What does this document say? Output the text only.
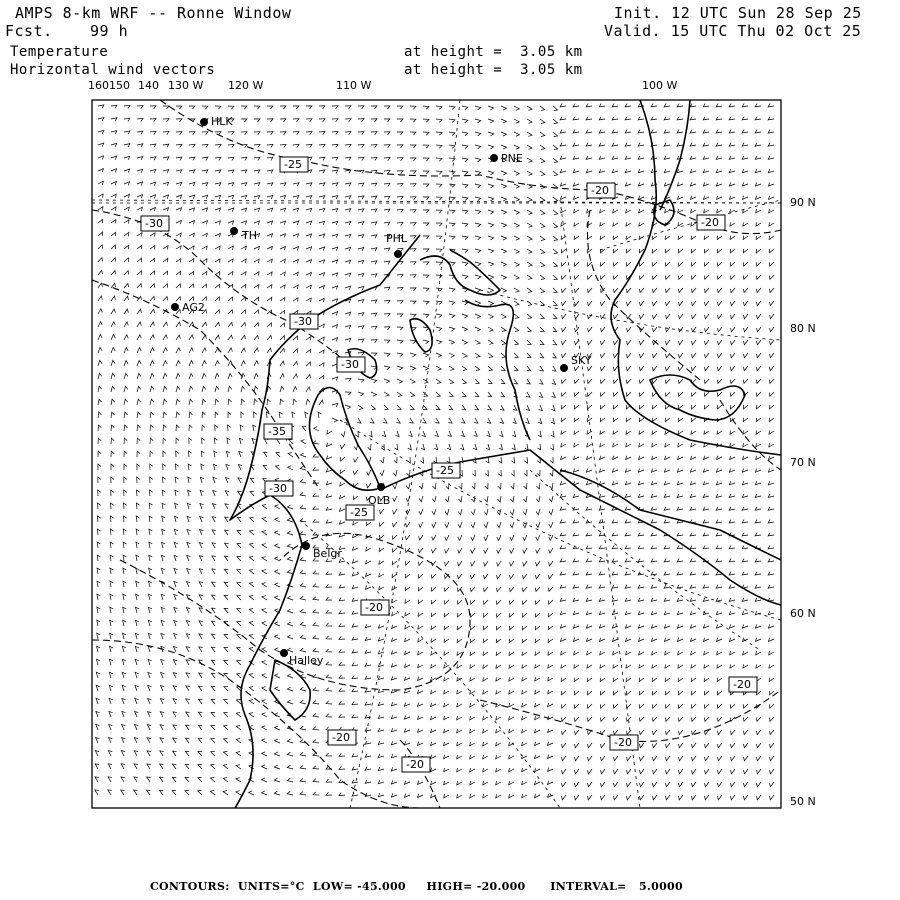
AMPS 8-km WRF -- Ronne Window
Fcst. 99 h
Init. 12 UTC Sun 28 Sep 25
Valid. 15 UTC Thu 02 Oct 25
Temperature
Horizontal wind vectors
at height =  3.05 km
at height =  3.05 km
160150 140 130 W 120 W	110 W	100 W
90 N
80 N
70 N
60 N
50 N
HLK
PNE
TH	PHL
AG2
SKY
OLB
Belgr
Halley
-25
-20
-20
-30
-30
-30
-35
-30
-25
-25
-20
-20
-20	-20
-20
CONTOURS:  UNITS=°C  LOW= -45.000     HIGH= -20.000      INTERVAL=   5.0000
